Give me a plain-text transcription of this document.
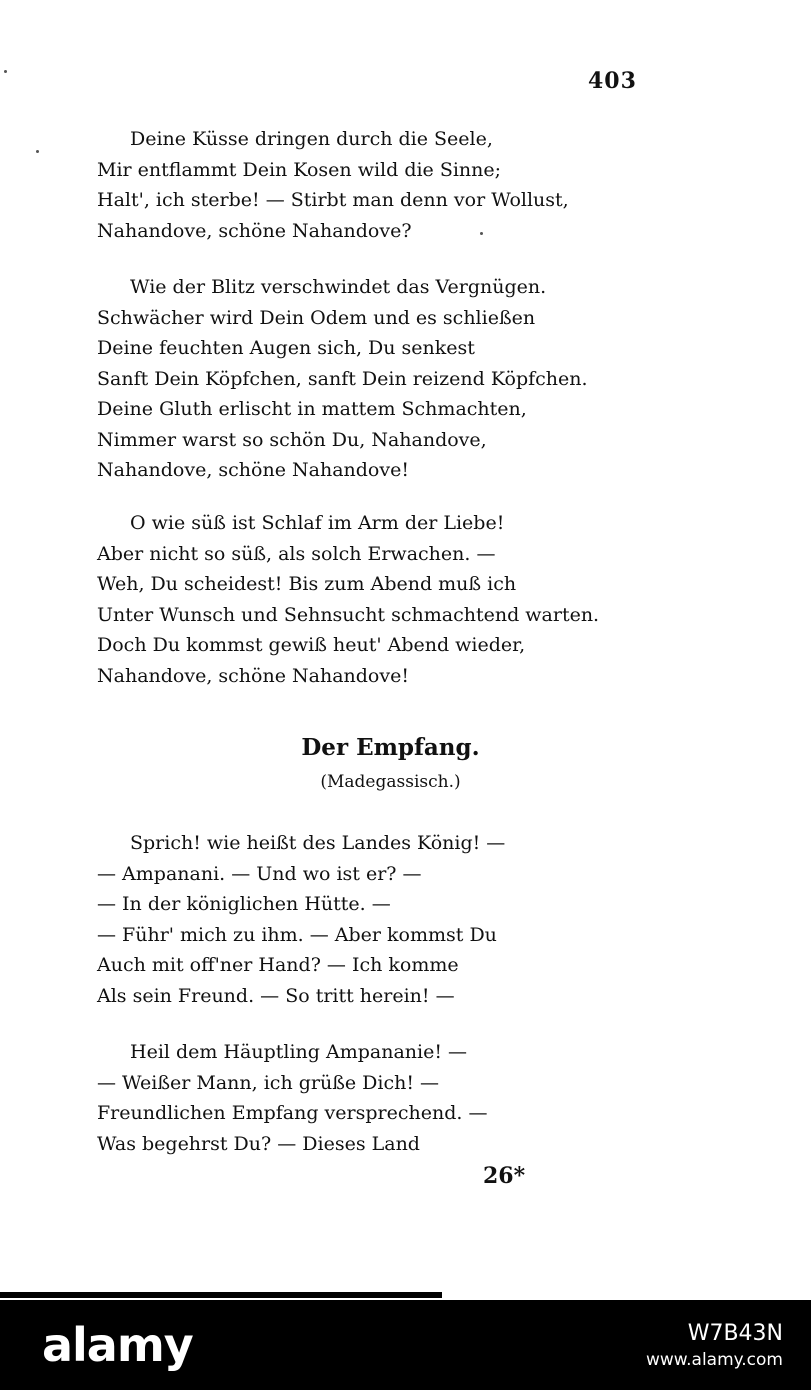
403
Deine Küsse dringen durch die Seele,
Mir entflammt Dein Kosen wild die Sinne;
Halt', ich sterbe! — Stirbt man denn vor Wollust,
Nahandove, schöne Nahandove?
Wie der Blitz verschwindet das Vergnügen.
Schwächer wird Dein Odem und es schließen
Deine feuchten Augen sich, Du senkest
Sanft Dein Köpfchen, sanft Dein reizend Köpfchen.
Deine Gluth erlischt in mattem Schmachten,
Nimmer warst so schön Du, Nahandove,
Nahandove, schöne Nahandove!
O wie süß ist Schlaf im Arm der Liebe!
Aber nicht so süß, als solch Erwachen. —
Weh, Du scheidest! Bis zum Abend muß ich
Unter Wunsch und Sehnsucht schmachtend warten.
Doch Du kommst gewiß heut' Abend wieder,
Nahandove, schöne Nahandove!
Der Empfang.
(Madegassisch.)
Sprich! wie heißt des Landes König! —
— Ampanani. — Und wo ist er? —
— In der königlichen Hütte. —
— Führ' mich zu ihm. — Aber kommst Du
Auch mit off'ner Hand? — Ich komme
Als sein Freund. — So tritt herein! —
Heil dem Häuptling Ampananie! —
— Weißer Mann, ich grüße Dich! —
Freundlichen Empfang versprechend. —
Was begehrst Du? — Dieses Land
26*
alamy	W7B43N
www.alamy.com
